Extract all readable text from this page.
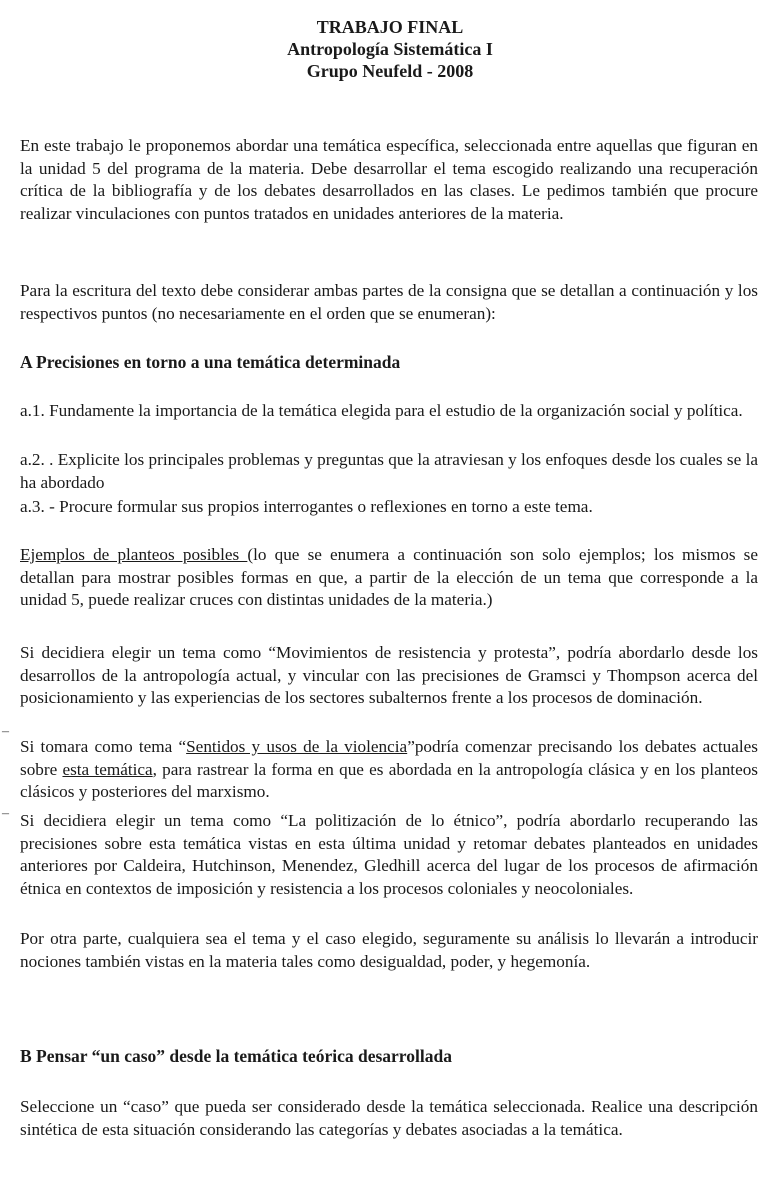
TRABAJO FINAL
Antropología Sistemática I
Grupo Neufeld - 2008
En este trabajo le proponemos abordar una temática específica, seleccionada entre aquellas que figuran en la unidad 5 del programa de la materia. Debe desarrollar el tema escogido realizando una recuperación crítica de la bibliografía y de los debates desarrollados en las clases. Le pedimos también que procure realizar vinculaciones con puntos tratados en unidades anteriores de la materia.
Para la escritura del texto debe considerar ambas partes de la consigna que se detallan a continuación y los respectivos puntos (no necesariamente en el orden que se enumeran):
A Precisiones en torno a una temática determinada
a.1. Fundamente la importancia de la temática elegida para el estudio de la organización social y política.
a.2. . Explicite los principales problemas y preguntas que la atraviesan y los enfoques desde los cuales se la ha abordado
a.3. - Procure formular sus propios interrogantes o reflexiones en torno a este tema.
Ejemplos de planteos posibles (lo que se enumera a continuación son solo ejemplos; los mismos se detallan para mostrar posibles formas en que, a partir de la elección de un tema que corresponde a la unidad 5, puede realizar cruces con distintas unidades de la materia.)
Si decidiera elegir un tema como “Movimientos de resistencia y protesta”, podría abordarlo desde los desarrollos de la antropología actual, y vincular con las precisiones de Gramsci y Thompson acerca del posicionamiento y las experiencias de los sectores subalternos frente a los procesos de dominación.
–
Si tomara como tema “Sentidos y usos de la violencia”podría comenzar precisando los debates actuales sobre esta temática, para rastrear la forma en que es abordada en la antropología clásica y en los planteos clásicos y posteriores del marxismo.
– Si decidiera elegir un tema como “La politización de lo étnico”, podría abordarlo recuperando las precisiones sobre esta temática vistas en esta última unidad y retomar debates planteados en unidades anteriores por Caldeira, Hutchinson, Menendez, Gledhill acerca del lugar de los procesos de afirmación étnica en contextos de imposición y resistencia a los procesos coloniales y neocoloniales.
Por otra parte, cualquiera sea el tema y el caso elegido, seguramente su análisis lo llevarán a introducir nociones también vistas en la materia tales como desigualdad, poder, y hegemonía.
B Pensar “un caso” desde la temática teórica desarrollada
Seleccione un “caso” que pueda ser considerado desde la temática seleccionada. Realice una descripción sintética de esta situación considerando las categorías y debates asociadas a la temática.
